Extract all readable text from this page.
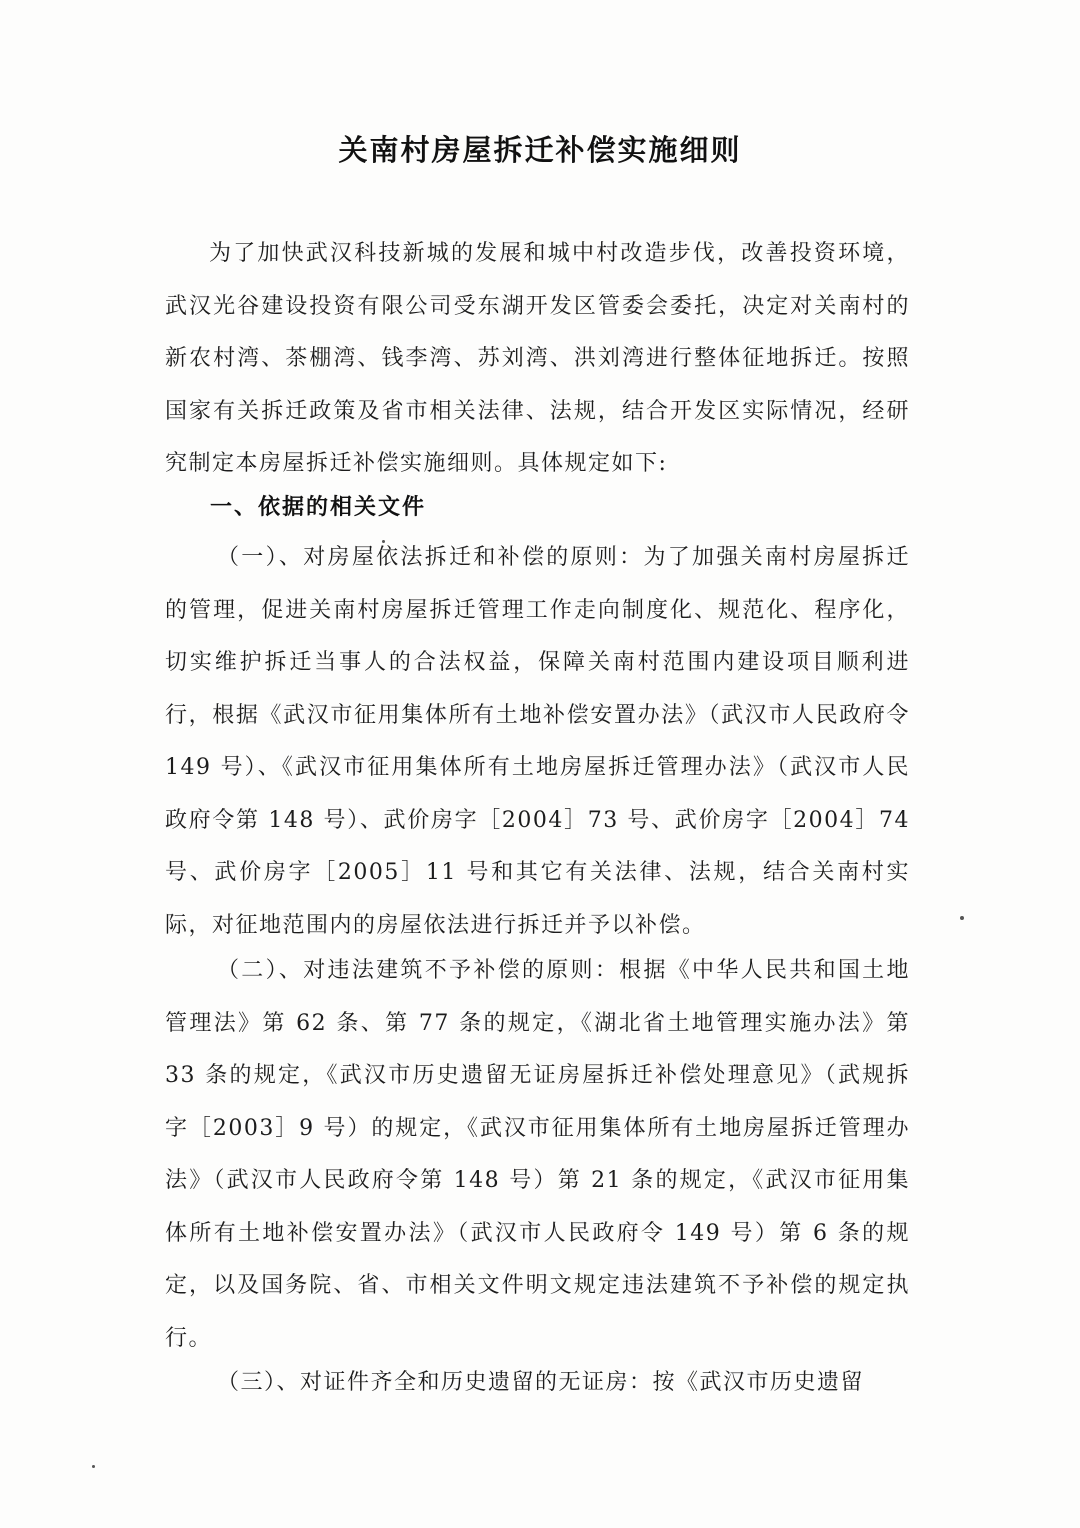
关南村房屋拆迁补偿实施细则

为了加快武汉科技新城的发展和城中村改造步伐，改善投资环境，武汉光谷建设投资有限公司受东湖开发区管委会委托，决定对关南村的新农村湾、茶棚湾、钱李湾、苏刘湾、洪刘湾进行整体征地拆迁。按照国家有关拆迁政策及省市相关法律、法规，结合开发区实际情况，经研究制定本房屋拆迁补偿实施细则。具体规定如下:

一、依据的相关文件

（一）、对房屋依法拆迁和补偿的原则：为了加强关南村房屋拆迁的管理，促进关南村房屋拆迁管理工作走向制度化、规范化、程序化，切实维护拆迁当事人的合法权益，保障关南村范围内建设项目顺利进行，根据《武汉市征用集体所有土地补偿安置办法》（武汉市人民政府令 149 号）、《武汉市征用集体所有土地房屋拆迁管理办法》（武汉市人民政府令第 148 号）、武价房字［2004］73 号、武价房字［2004］74 号、武价房字［2005］11 号和其它有关法律、法规，结合关南村实际，对征地范围内的房屋依法进行拆迁并予以补偿。

（二）、对违法建筑不予补偿的原则：根据《中华人民共和国土地管理法》第 62 条、第 77 条的规定，《湖北省土地管理实施办法》第 33 条的规定，《武汉市历史遗留无证房屋拆迁补偿处理意见》（武规拆字［2003］9 号）的规定，《武汉市征用集体所有土地房屋拆迁管理办法》（武汉市人民政府令第 148 号）第 21 条的规定，《武汉市征用集体所有土地补偿安置办法》（武汉市人民政府令 149 号）第 6 条的规定，以及国务院、省、市相关文件明文规定违法建筑不予补偿的规定执行。

（三）、对证件齐全和历史遗留的无证房：按《武汉市历史遗留
